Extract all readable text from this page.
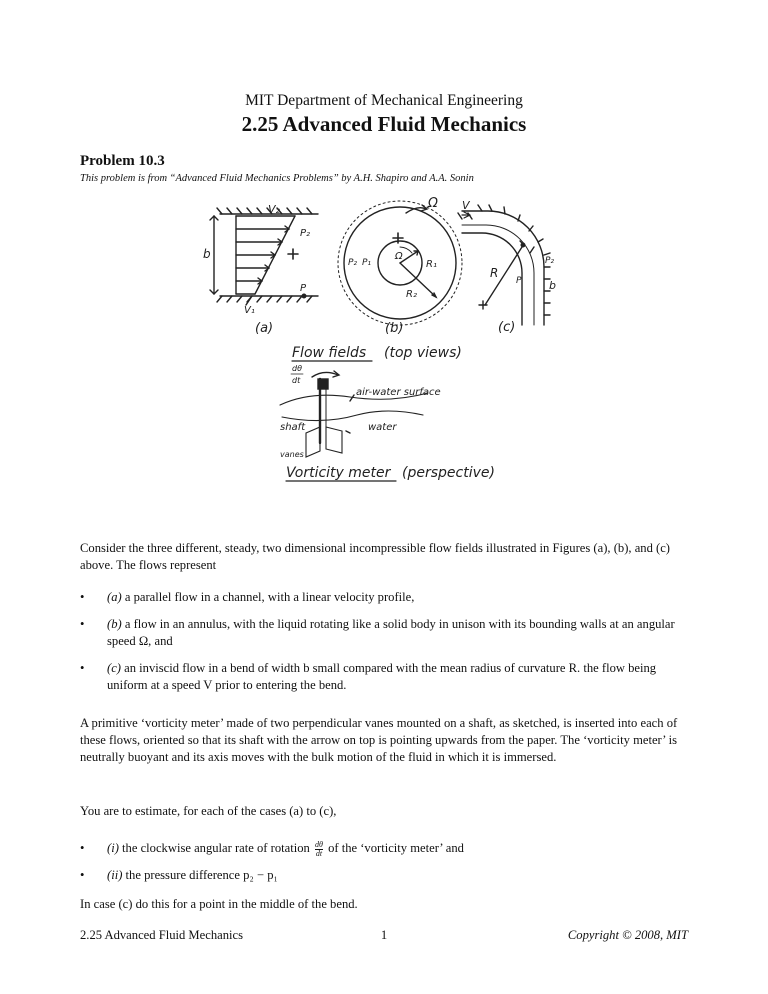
MIT Department of Mechanical Engineering
2.25 Advanced Fluid Mechanics
Problem 10.3
This problem is from “Advanced Fluid Mechanics Problems” by A.H. Shapiro and A.A. Sonin
V₂
V₁
b
P₂
P
(a)
Ω
Ω
R₁
R₂
P₂ P₁
(b)
V
R
P
P₂
b
(c)
Flow fields (top views)
dθ
dt
air-water surface
shaft	water
vanes
Vorticity meter (perspective)
Consider the three different, steady, two dimensional incompressible flow fields illustrated in Figures (a), (b), and (c) above. The flows represent
• (a) a parallel flow in a channel, with a linear velocity profile,
• (b) a flow in an annulus, with the liquid rotating like a solid body in unison with its bounding walls at an angular speed Ω, and
• (c) an inviscid flow in a bend of width b small compared with the mean radius of curvature R. the flow being uniform at a speed V prior to entering the bend.
A primitive ‘vorticity meter’ made of two perpendicular vanes mounted on a shaft, as sketched, is inserted into each of these flows, oriented so that its shaft with the arrow on top is pointing upwards from the paper. The ‘vorticity meter’ is neutrally buoyant and its axis moves with the bulk motion of the fluid in which it is immersed.
You are to estimate, for each of the cases (a) to (c),
• (i) the clockwise angular rate of rotation $\frac{d\theta}{dt}$ of the ‘vorticity meter’ and
• (ii) the pressure difference p₂ − p₁
In case (c) do this for a point in the middle of the bend.
2.25 Advanced Fluid Mechanics	1	Copyright © 2008, MIT
